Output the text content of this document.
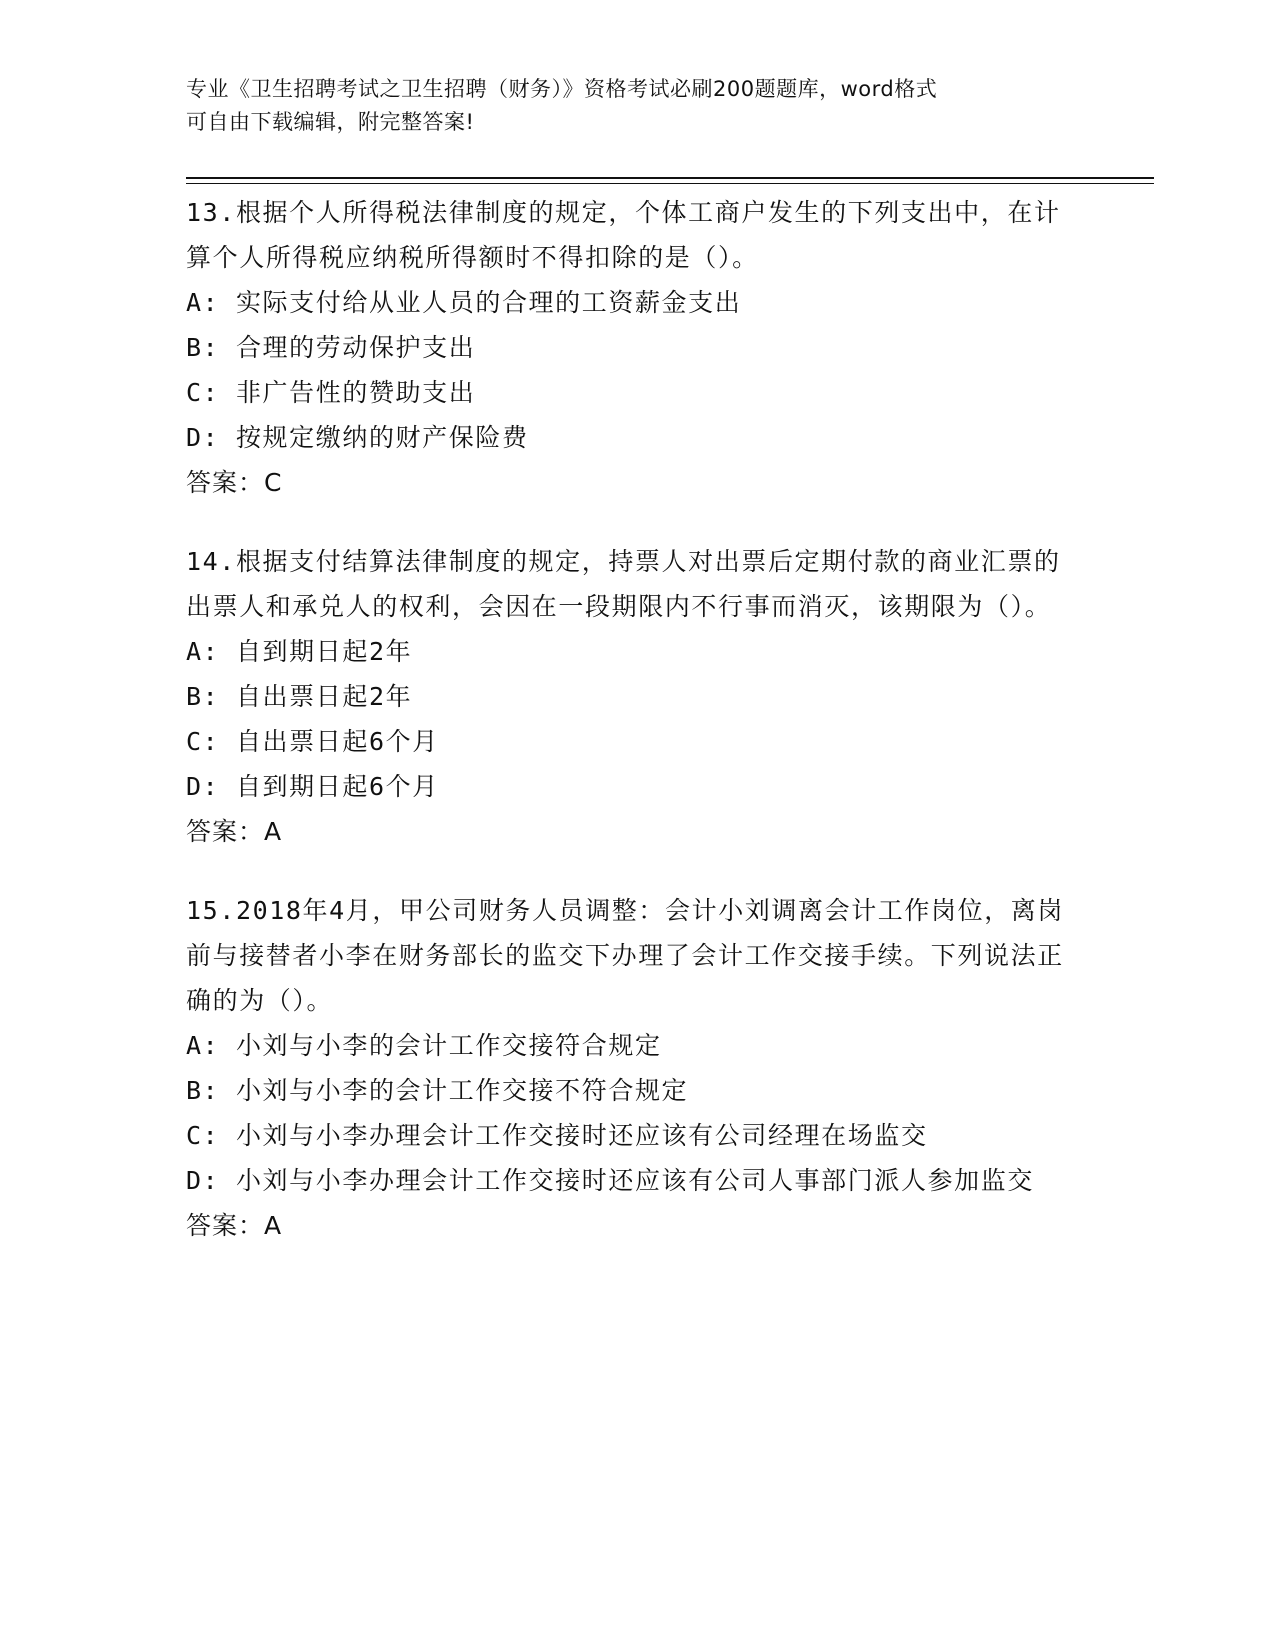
专业《卫生招聘考试之卫生招聘（财务）》资格考试必刷200题题库，word格式

可自由下载编辑，附完整答案!

13.根据个人所得税法律制度的规定，个体工商户发生的下列支出中，在计算个人所得税应纳税所得额时不得扣除的是（）。

A: 实际支付给从业人员的合理的工资薪金支出

B: 合理的劳动保护支出

C: 非广告性的赞助支出

D: 按规定缴纳的财产保险费

答案：C

14.根据支付结算法律制度的规定，持票人对出票后定期付款的商业汇票的出票人和承兑人的权利，会因在一段期限内不行事而消灭，该期限为（）。

A: 自到期日起2年

B: 自出票日起2年

C: 自出票日起6个月

D: 自到期日起6个月

答案：A

15.2018年4月，甲公司财务人员调整：会计小刘调离会计工作岗位，离岗前与接替者小李在财务部长的监交下办理了会计工作交接手续。下列说法正确的为（）。

A: 小刘与小李的会计工作交接符合规定

B: 小刘与小李的会计工作交接不符合规定

C: 小刘与小李办理会计工作交接时还应该有公司经理在场监交

D: 小刘与小李办理会计工作交接时还应该有公司人事部门派人参加监交

答案：A
